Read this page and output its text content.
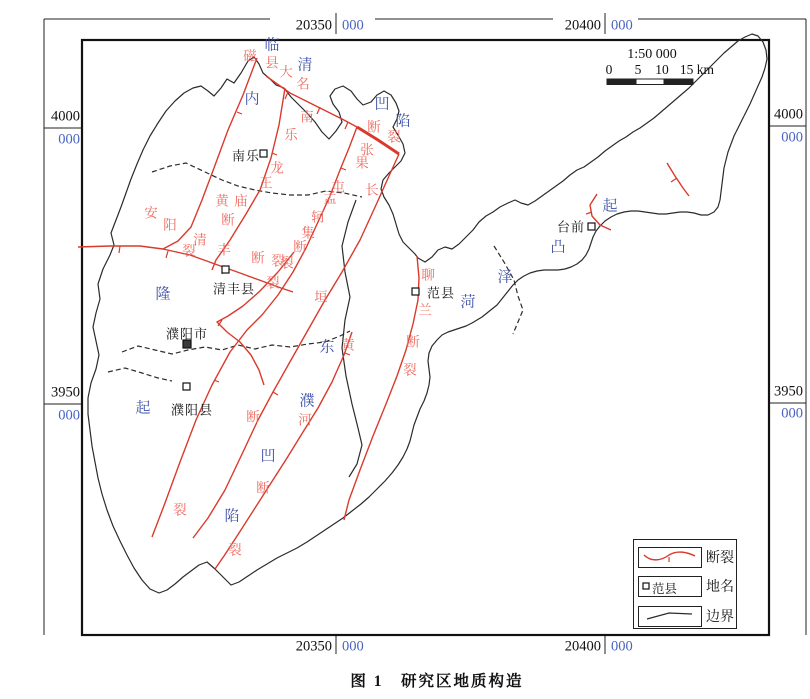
20350 000	20400 000
20350 000	20400 000
4000
000
3950
000
4000
000
3950
000
1:50 000
0 5 10 15 km
南乐
清丰县
濮阳市
濮阳县
范县
台前
磁 县
大
名
断
裂
南
乐
龙
王
庙
断
黄
安
阳
裂
清
丰
断 裂
张
果
屯
裂
孟
轲
集
断
裂
长
垣
断
裂
黄
河
断
裂
聊
兰
断
裂
临
清
凹
陷
内
隆
起
东
濮
凹
陷
菏
泽
凸
起
断裂
范县 地名
边界
图 1　研究区地质构造
